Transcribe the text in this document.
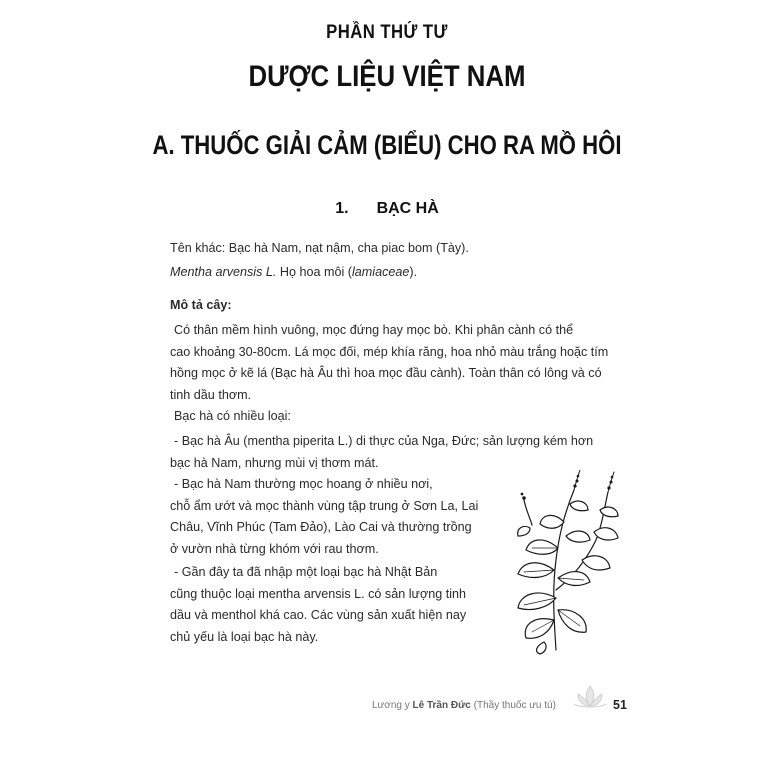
PHẦN THỨ TƯ
DƯỢC LIỆU VIỆT NAM
A. THUỐC GIẢI CẢM (BIỂU) CHO RA MỒ HÔI
1. BẠC HÀ

Tên khác: Bạc hà Nam, nạt nậm, cha piac bom (Tày).

Mentha arvensis L. Họ hoa môi (lamiaceae).

Mô tả cây:

Có thân mềm hình vuông, mọc đứng hay mọc bò. Khi phân cành có thể

cao khoảng 30-80cm. Lá mọc đối, mép khía răng, hoa nhỏ màu trắng hoặc tím

hồng mọc ở kẽ lá (Bạc hà Âu thì hoa mọc đầu cành). Toàn thân có lông và có

tinh dầu thơm.

Bạc hà có nhiều loại:

- Bạc hà Âu (mentha piperita L.) di thực của Nga, Đức; sản lượng kém hơn

bạc hà Nam, nhưng mùi vị thơm mát.

- Bạc hà Nam thường mọc hoang ở nhiều nơi,

chỗ ẩm ướt và mọc thành vùng tập trung ở Sơn La, Lai

Châu, Vĩnh Phúc (Tam Đảo), Lào Cai và thường trồng

ở vườn nhà từng khóm với rau thơm.

- Gần đây ta đã nhập một loại bạc hà Nhật Bản

cũng thuộc loại mentha arvensis L. có sản lượng tinh

dầu và menthol khá cao. Các vùng sản xuất hiện nay

chủ yếu là loại bạc hà này.

Lương y Lê Trần Đức (Thầy thuốc ưu tú)	51
